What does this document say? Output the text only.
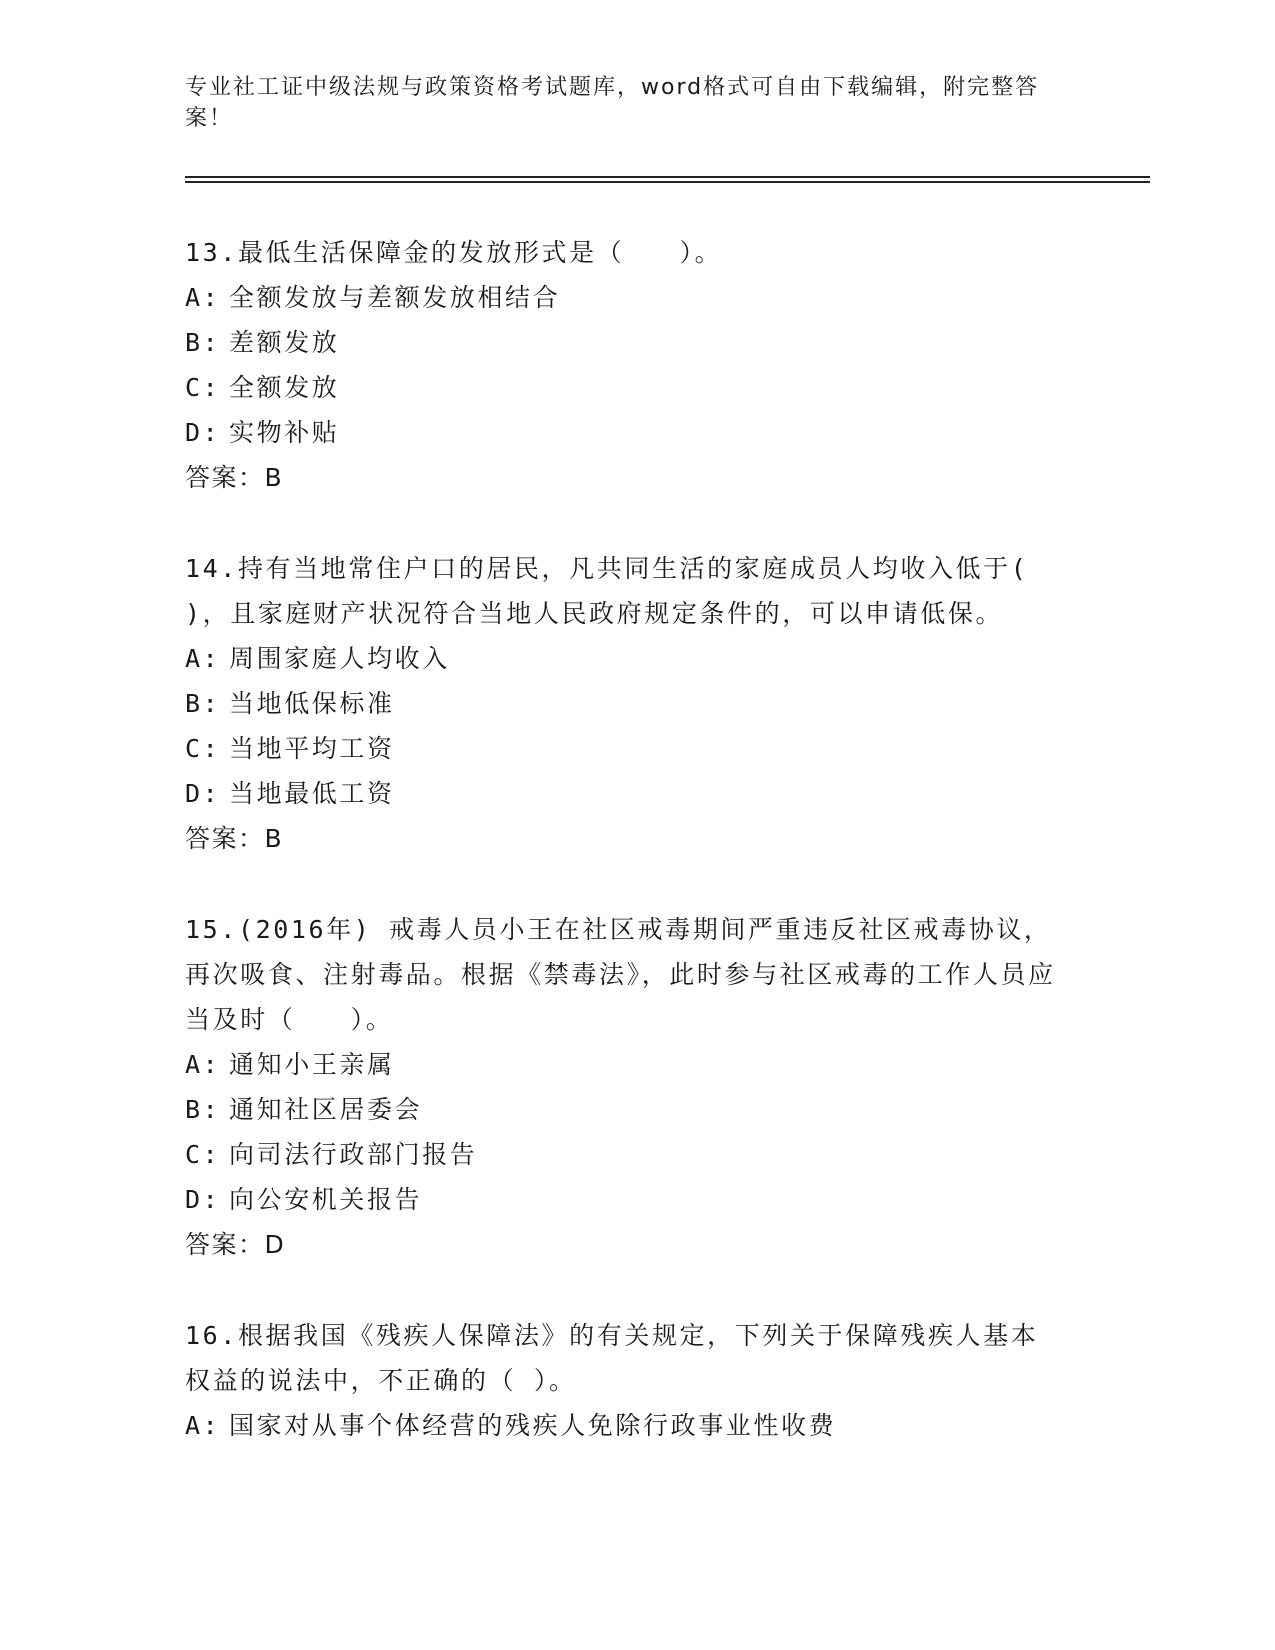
专业社工证中级法规与政策资格考试题库，word格式可自由下载编辑，附完整答案！

13.最低生活保障金的发放形式是（　　）。

A: 全额发放与差额发放相结合

B: 差额发放

C: 全额发放

D: 实物补贴

答案：B

14.持有当地常住户口的居民，凡共同生活的家庭成员人均收入低于( )，且家庭财产状况符合当地人民政府规定条件的，可以申请低保。

A: 周围家庭人均收入

B: 当地低保标准

C: 当地平均工资

D: 当地最低工资

答案：B

15.(2016年) 戒毒人员小王在社区戒毒期间严重违反社区戒毒协议，再次吸食、注射毒品。根据《禁毒法》，此时参与社区戒毒的工作人员应当及时（　　）。

A: 通知小王亲属

B: 通知社区居委会

C: 向司法行政部门报告

D: 向公安机关报告

答案：D

16.根据我国《残疾人保障法》的有关规定，下列关于保障残疾人基本权益的说法中，不正确的（ ）。

A: 国家对从事个体经营的残疾人免除行政事业性收费
